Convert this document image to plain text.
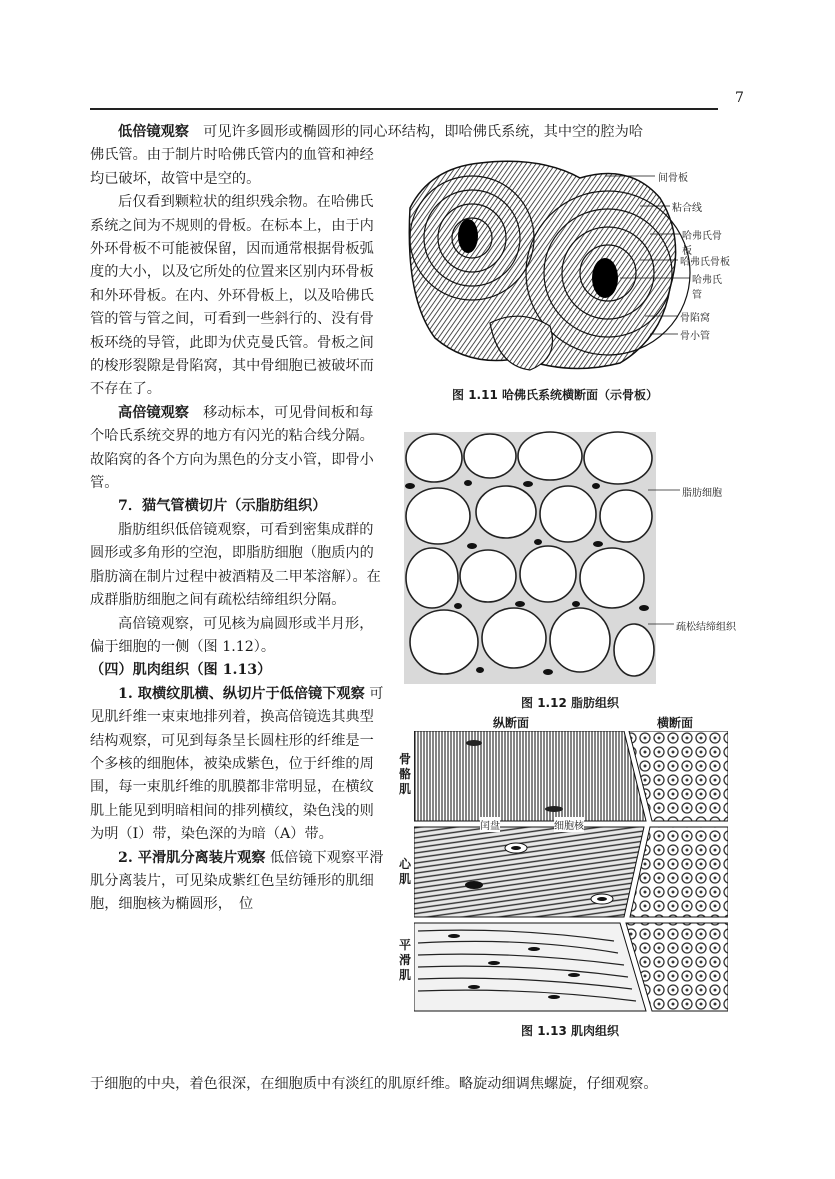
7

低倍镜观察　可见许多圆形或椭圆形的同心环结构，即哈佛氏系统，其中空的腔为哈

佛氏管。由于制片时哈佛氏管内的血管和神经均已破坏，故管中是空的。

后仅看到颗粒状的组织残余物。在哈佛氏系统之间为不规则的骨板。在标本上，由于内外环骨板不可能被保留，因而通常根据骨板弧度的大小，以及它所处的位置来区别内环骨板和外环骨板。在内、外环骨板上，以及哈佛氏管的管与管之间，可看到一些斜行的、没有骨板环绕的导管，此即为伏克曼氏管。骨板之间的梭形裂隙是骨陷窝，其中骨细胞已被破坏而不存在了。

高倍镜观察　移动标本，可见骨间板和每个哈氏系统交界的地方有闪光的粘合线分隔。故陷窝的各个方向为黑色的分支小管，即骨小管。

7．猫气管横切片（示脂肪组织）

脂肪组织低倍镜观察，可看到密集成群的圆形或多角形的空泡，即脂肪细胞（胞质内的脂肪滴在制片过程中被酒精及二甲苯溶解）。在成群脂肪细胞之间有疏松结缔组织分隔。

高倍镜观察，可见核为扁圆形或半月形，偏于细胞的一侧（图 1.12）。

（四）肌肉组织（图 1.13）

1. 取横纹肌横、纵切片于低倍镜下观察 可见肌纤维一束束地排列着，换高倍镜选其典型结构观察，可见到每条呈长圆柱形的纤维是一个多核的细胞体，被染成紫色，位于纤维的周围，每一束肌纤维的肌膜都非常明显，在横纹肌上能见到明暗相间的排列横纹，染色浅的则为明（I）带，染色深的为暗（A）带。

2. 平滑肌分离装片观察 低倍镜下观察平滑肌分离装片，可见染成紫红色呈纺锤形的肌细胞，细胞核为椭圆形，　位

于细胞的中央，着色很深，在细胞质中有淡红的肌原纤维。略旋动细调焦螺旋，仔细观察。

间骨板
粘合线
哈弗氏骨板
哈弗氏骨板
哈弗氏管
骨陷窝
骨小管
图 1.11 哈佛氏系统横断面（示骨板）
脂肪细胞
疏松结缔组织
图 1.12 脂肪组织
纵断面	横断面
骨骼肌
心肌
平滑肌
闰盘	细胞核
图 1.13 肌肉组织
